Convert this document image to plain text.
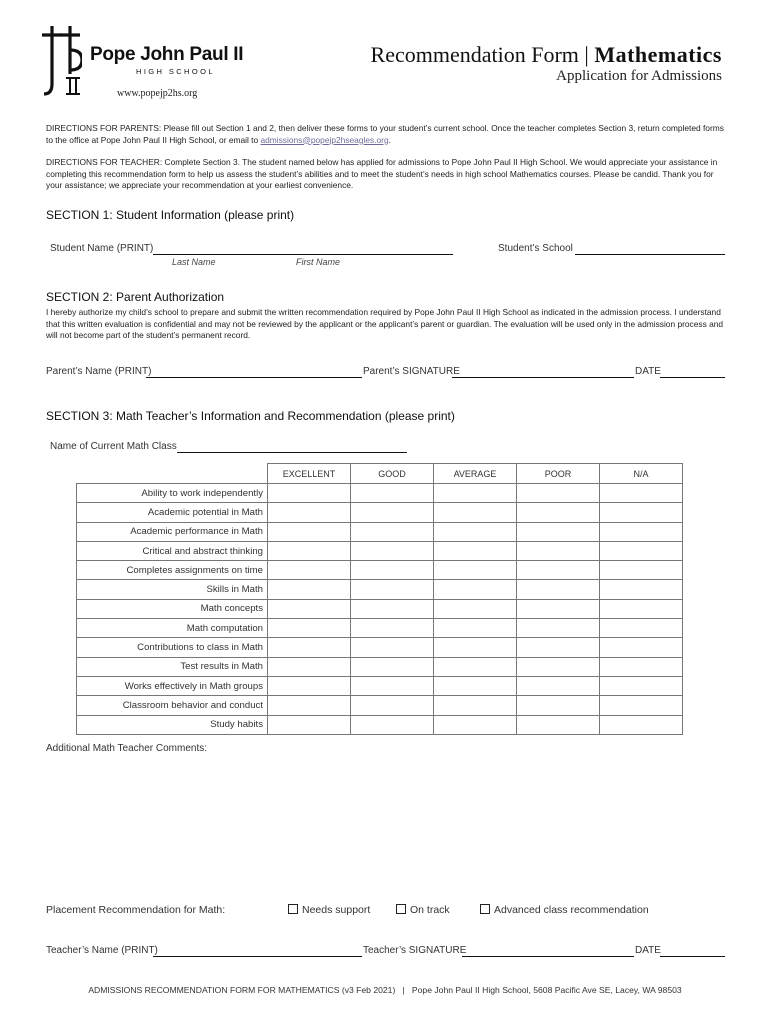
Pope John Paul II
HIGH SCHOOL
www.popejp2hs.org
Recommendation Form | Mathematics
Application for Admissions
DIRECTIONS FOR PARENTS: Please fill out Section 1 and 2, then deliver these forms to your student’s current school. Once the teacher completes Section 3, return completed forms to the office at Pope John Paul II High School, or email to admissions@popejp2hseagles.org.
DIRECTIONS FOR TEACHER: Complete Section 3. The student named below has applied for admissions to Pope John Paul II High School. We would appreciate your assistance in completing this recommendation form to help us assess the student’s abilities and to meet the student’s needs in high school Mathematics courses. Please be candid. Thank you for your assistance; we appreciate your recommendation at your earliest convenience.
SECTION 1: Student Information (please print)
Student Name (PRINT)
Last Name	First Name
Student’s School
SECTION 2: Parent Authorization
I hereby authorize my child’s school to prepare and submit the written recommendation required by Pope John Paul II High School as indicated in the admission process. I understand that this written evaluation is confidential and may not be reviewed by the applicant or the applicant’s parent or guardian. The evaluation will be used only in the admission process and will not become part of the student’s permanent record.
Parent’s Name (PRINT)	Parent’s SIGNATURE	DATE
SECTION 3: Math Teacher’s Information and Recommendation (please print)
Name of Current Math Class
	EXCELLENT	GOOD	AVERAGE	POOR	N/A
Ability to work independently					
Academic potential in Math					
Academic performance in Math					
Critical and abstract thinking					
Completes assignments on time					
Skills in Math					
Math concepts					
Math computation					
Contributions to class in Math					
Test results in Math					
Works effectively in Math groups					
Classroom behavior and conduct					
Study habits					
Additional Math Teacher Comments:
Placement Recommendation for Math:	Needs support	On track	Advanced class recommendation
Teacher’s Name (PRINT)	Teacher’s SIGNATURE	DATE
ADMISSIONS RECOMMENDATION FORM FOR MATHEMATICS (v3 Feb 2021) | Pope John Paul II High School, 5608 Pacific Ave SE, Lacey, WA 98503
